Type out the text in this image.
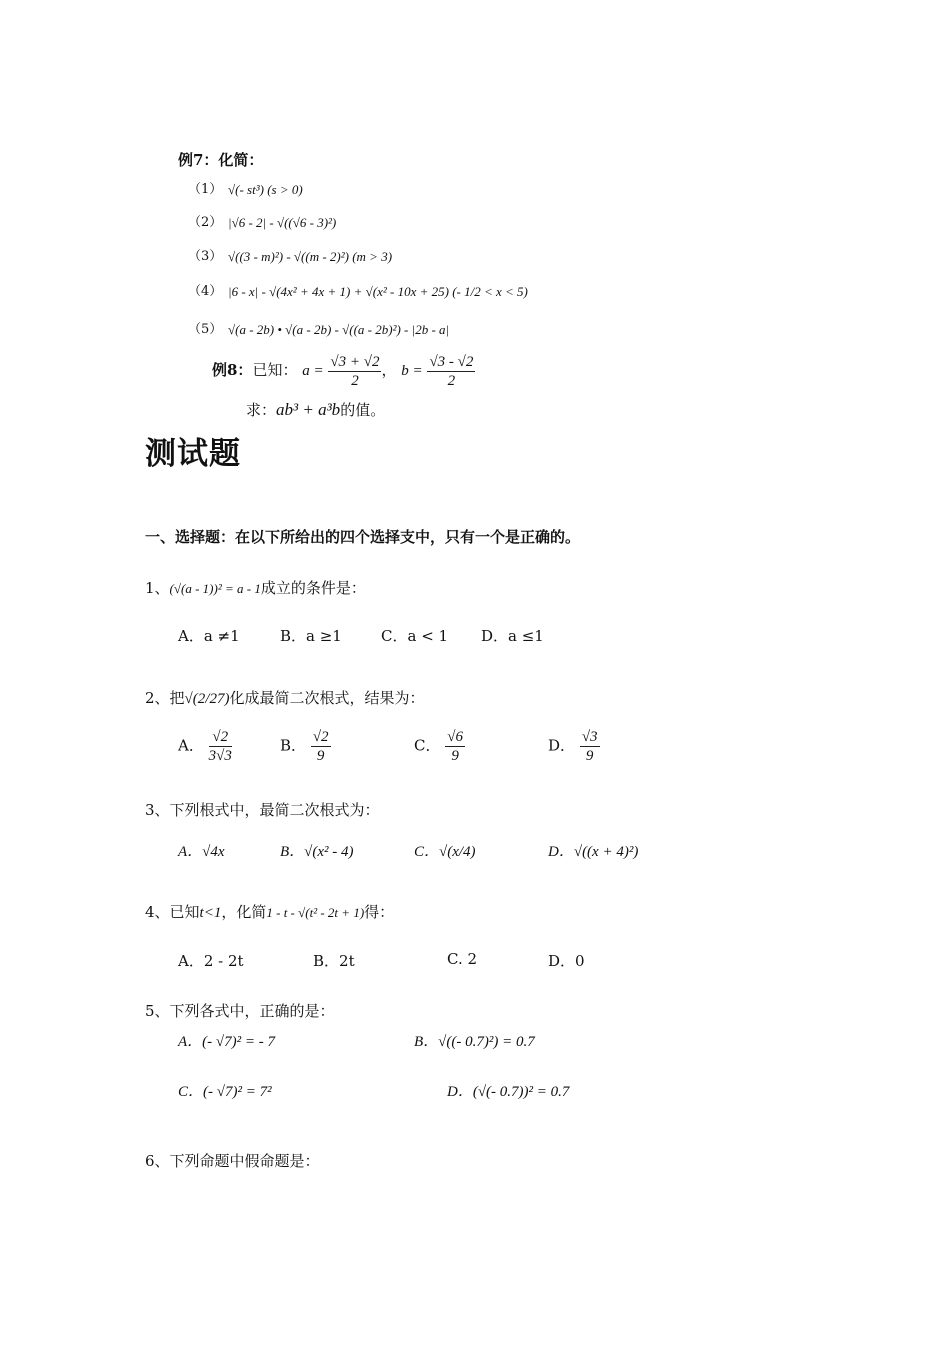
例7：化简：
（1） √(- st³) (s > 0)
（2） |√6 - 2| - √((√6 - 3)²)
（3） √((3 - m)²) - √((m - 2)²) (m > 3)
（4） |6 - x| - √(4x² + 4x + 1) + √(x² - 10x + 25) (- 1/2 < x < 5)
（5） √(a - 2b) • √(a - 2b) - √((a - 2b)²) - |2b - a|
例8：已知： $a = \frac{√3 + √2}{2}$ ， $b = \frac{√3 - √2}{2}$
求：ab³ + a³b的值。
测试题
一、选择题：在以下所给出的四个选择支中，只有一个是正确的。
1、(√(a - 1))² = a - 1成立的条件是：
A．a ≠1	B．a ≥1	C．a < 1 D．a ≤1
2、把√(2/27)化成最简二次根式，结果为：
A． $\frac{√2}{3√3}$	B． $\frac{√2}{9}$	C． $\frac{√6}{9}$	D． $\frac{√3}{9}$
3、下列根式中，最简二次根式为：
A．√4x	B．√(x² - 4)	C．√(x/4)	D．√((x + 4)²)
4、已知t<1，化简1 - t - √(t² - 2t + 1)得：
A．2 - 2t	B．2t	C. 2	D．0
5、下列各式中，正确的是：
A．(- √7)² = - 7	B．√((- 0.7)²) = 0.7
C．(- √7)² = 7²	D．(√(- 0.7))² = 0.7
6、下列命题中假命题是：
